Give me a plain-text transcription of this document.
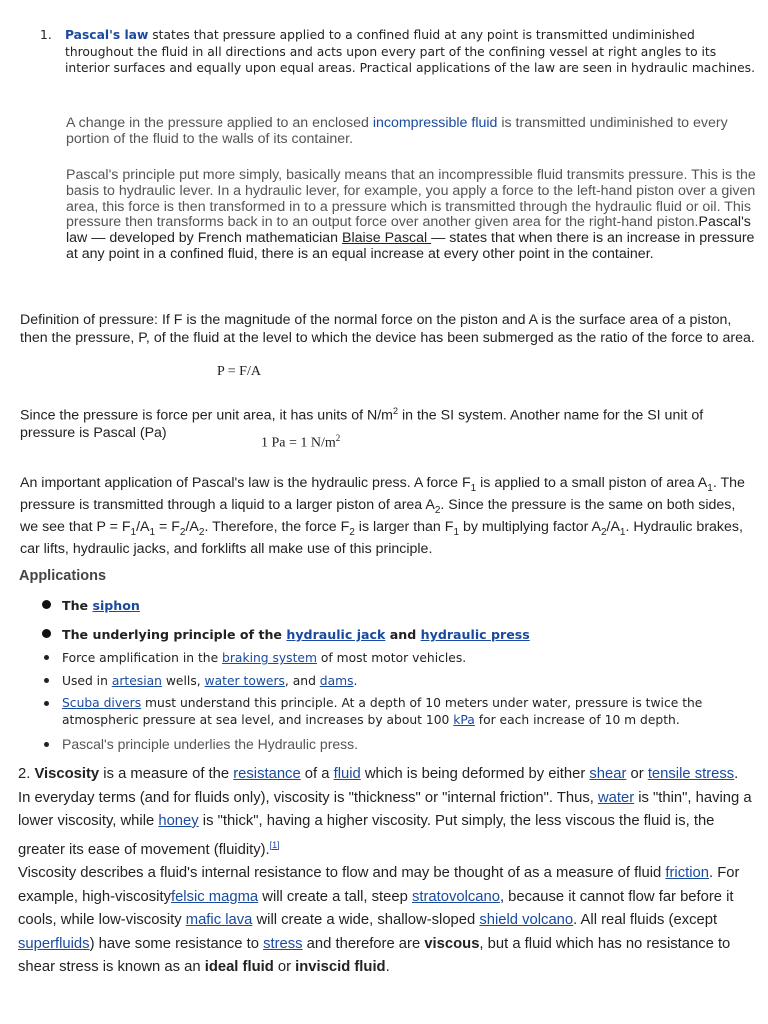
1. Pascal's law states that pressure applied to a confined fluid at any point is transmitted undiminished throughout the fluid in all directions and acts upon every part of the confining vessel at right angles to its interior surfaces and equally upon equal areas. Practical applications of the law are seen in hydraulic machines.
A change in the pressure applied to an enclosed incompressible fluid is transmitted undiminished to every portion of the fluid to the walls of its container.
Pascal's principle put more simply, basically means that an incompressible fluid transmits pressure. This is the basis to hydraulic lever. In a hydraulic lever, for example, you apply a force to the left-hand piston over a given area, this force is then transformed in to a pressure which is transmitted through the hydraulic fluid or oil. This pressure then transforms back in to an output force over another given area for the right-hand piston.Pascal's law — developed by French mathematician Blaise Pascal — states that when there is an increase in pressure at any point in a confined fluid, there is an equal increase at every other point in the container.
Definition of pressure: If F is the magnitude of the normal force on the piston and A is the surface area of a piston, then the pressure, P, of the fluid at the level to which the device has been submerged as the ratio of the force to area.
P = F/A
Since the pressure is force per unit area, it has units of $N/m^2$ in the SI system. Another name for the SI unit of pressure is Pascal (Pa)
1 Pa = 1 $N/m^2$
An important application of Pascal's law is the hydraulic press. A force $F_1$ is applied to a small piston of area $A_1$. The pressure is transmitted through a liquid to a larger piston of area $A_2$. Since the pressure is the same on both sides, we see that $P = F_1/A_1 = F_2/A_2$. Therefore, the force $F_2$ is larger than $F_1$ by multiplying factor $A_2/A_1$. Hydraulic brakes, car lifts, hydraulic jacks, and forklifts all make use of this principle.
Applications
The siphon
The underlying principle of the hydraulic jack and hydraulic press
Force amplification in the braking system of most motor vehicles.
Used in artesian wells, water towers, and dams.
Scuba divers must understand this principle. At a depth of 10 meters under water, pressure is twice the atmospheric pressure at sea level, and increases by about 100 kPa for each increase of 10 m depth.
Pascal's principle underlies the Hydraulic press.
2. Viscosity is a measure of the resistance of a fluid which is being deformed by either shear or tensile stress. In everyday terms (and for fluids only), viscosity is "thickness" or "internal friction". Thus, water is "thin", having a lower viscosity, while honey is "thick", having a higher viscosity. Put simply, the less viscous the fluid is, the greater its ease of movement (fluidity).[1]
Viscosity describes a fluid's internal resistance to flow and may be thought of as a measure of fluid friction. For example, high-viscosityfelsic magma will create a tall, steep stratovolcano, because it cannot flow far before it cools, while low-viscosity mafic lava will create a wide, shallow-sloped shield volcano. All real fluids (except superfluids) have some resistance to stress and therefore are viscous, but a fluid which has no resistance to shear stress is known as an ideal fluid or inviscid fluid.
